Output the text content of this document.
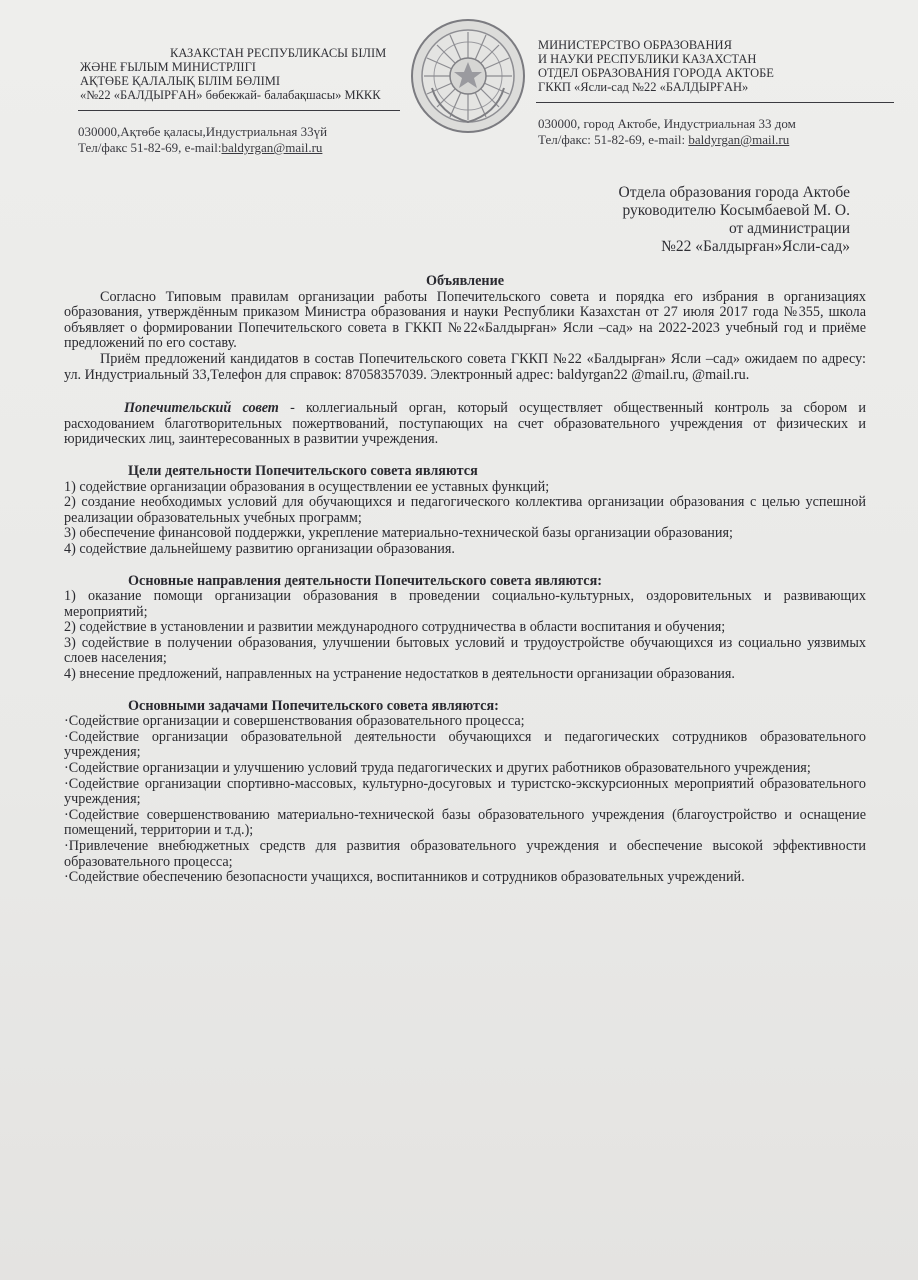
КАЗАКСТАН РЕСПУБЛИКАСЫ БІЛІМ
ЖӘНЕ ҒЫЛЫМ МИНИСТРЛІГІ
АҚТӨБЕ ҚАЛАЛЫҚ БІЛІМ БӨЛІМІ
«№22 «БАЛДЫРҒАН» бөбекжай- балабақшасы» МККК
МИНИСТЕРСТВО ОБРАЗОВАНИЯ
И НАУКИ РЕСПУБЛИКИ КАЗАХСТАН
ОТДЕЛ ОБРАЗОВАНИЯ ГОРОДА АКТОБЕ
ГККП «Ясли-сад №22 «БАЛДЫРҒАН»
030000,Ақтөбе қаласы,Индустриальная 33үй
Тел/факс 51-82-69, e-mail:baldyrgan@mail.ru
030000, город Актобе, Индустриальная 33 дом
Тел/факс: 51-82-69, e-mail: baldyrgan@mail.ru
Отдела образования города Актобе
руководителю Косымбаевой М. О.
от администрации
№22 «Балдырған»Ясли-сад»
Объявление

Согласно Типовым правилам организации работы Попечительского совета и порядка его избрания в организациях образования, утверждённым приказом Министра образования и науки Республики Казахстан от 27 июля 2017 года №355, школа объявляет о формировании Попечительского совета в ГККП №22«Балдырған» Ясли –сад» на 2022-2023 учебный год и приёме предложений по его составу.

Приём предложений кандидатов в состав Попечительского совета ГККП №22 «Балдырған» Ясли –сад» ожидаем по адресу: ул. Индустриальный 33,Телефон для справок: 87058357039. Электронный адрес: baldyrgan22 @mail.ru, @mail.ru.

Попечительский совет - коллегиальный орган, который осуществляет общественный контроль за сбором и расходованием благотворительных пожертвований, поступающих на счет образовательного учреждения от физических и юридических лиц, заинтересованных в развитии учреждения.

Цели деятельности Попечительского совета являются

1) содействие организации образования в осуществлении ее уставных функций;

2) создание необходимых условий для обучающихся и педагогического коллектива организации образования с целью успешной реализации образовательных учебных программ;

3) обеспечение финансовой поддержки, укрепление материально-технической базы организации образования;

4) содействие дальнейшему развитию организации образования.

Основные направления деятельности Попечительского совета являются:

1) оказание помощи организации образования в проведении социально-культурных, оздоровительных и развивающих мероприятий;

2) содействие в установлении и развитии международного сотрудничества в области воспитания и обучения;

3) содействие в получении образования, улучшении бытовых условий и трудоустройстве обучающихся из социально уязвимых слоев населения;

4) внесение предложений, направленных на устранение недостатков в деятельности организации образования.

Основными задачами Попечительского совета являются:

· Содействие организации и совершенствования образовательного процесса;

· Содействие организации образовательной деятельности обучающихся и педагогических сотрудников образовательного учреждения;

· Содействие организации и улучшению условий труда педагогических и других работников образовательного учреждения;

· Содействие организации спортивно-массовых, культурно-досуговых и туристско-экскурсионных мероприятий образовательного учреждения;

· Содействие совершенствованию материально-технической базы образовательного учреждения (благоустройство и оснащение помещений, территории и т.д.);

· Привлечение внебюджетных средств для развития образовательного учреждения и обеспечение высокой эффективности образовательного процесса;

· Содействие обеспечению безопасности учащихся, воспитанников и сотрудников образовательных учреждений.
